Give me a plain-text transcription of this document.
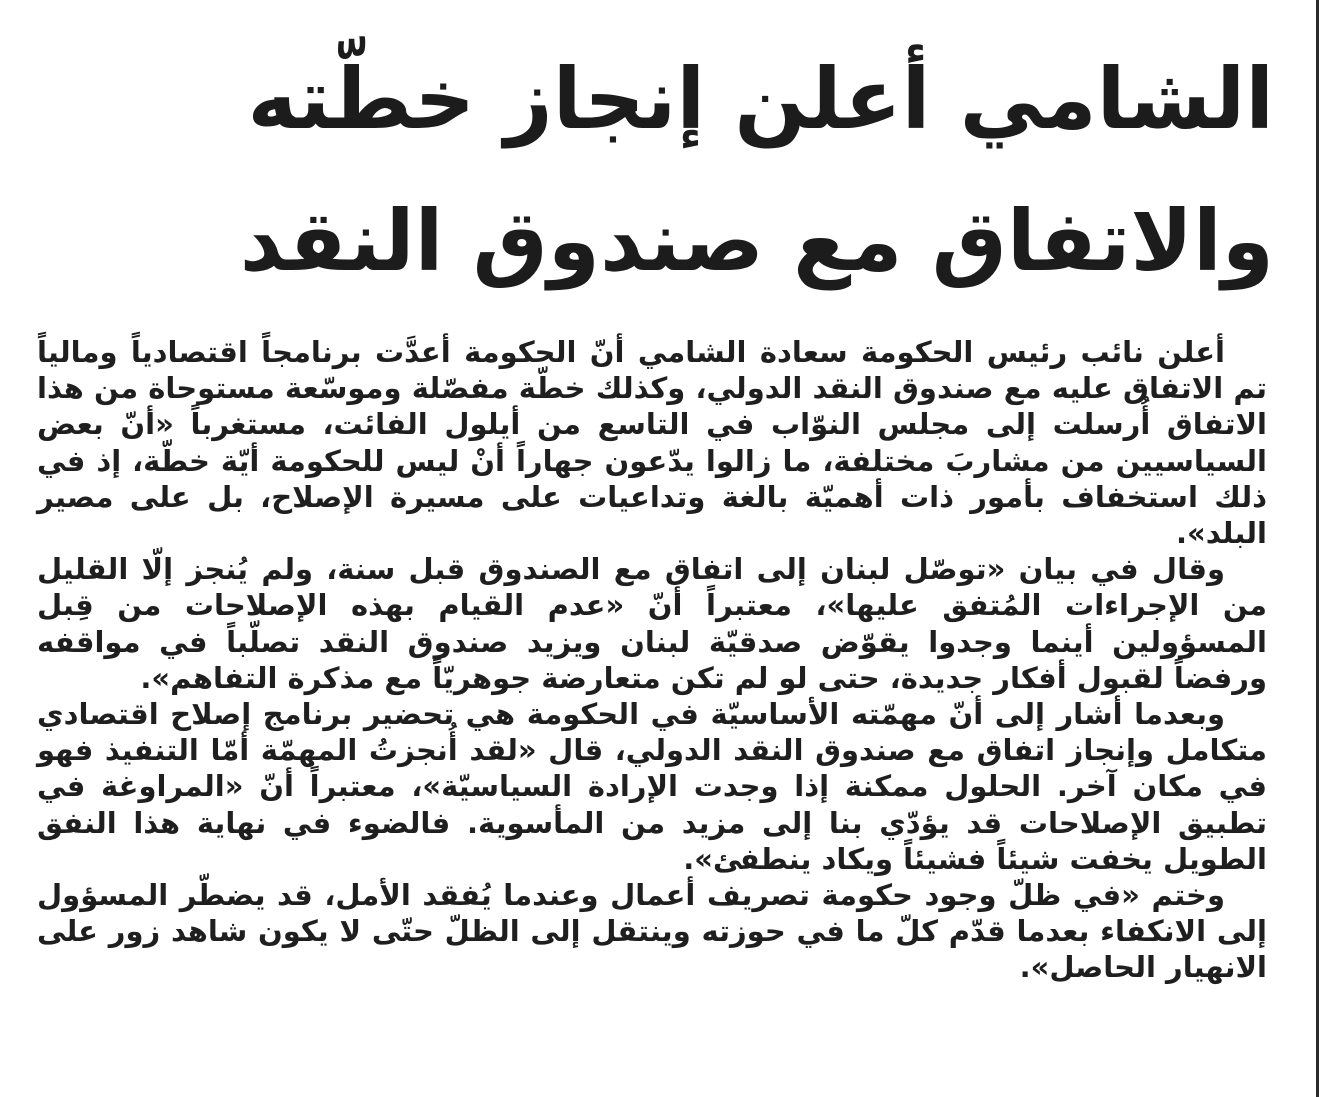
الشامي أعلن إنجاز خطّته
والاتفاق مع صندوق النقد

أعلن نائب رئيس الحكومة سعادة الشامي أنّ الحكومة أعدَّت برنامجاً اقتصادياً ومالياً تم الاتفاق عليه مع صندوق النقد الدولي، وكذلك خطّة مفصّلة وموسّعة مستوحاة من هذا الاتفاق أُرسلت إلى مجلس النوّاب في التاسع من أيلول الفائت، مستغرباً «أنّ بعض السياسيين من مشاربَ مختلفة، ما زالوا يدّعون جهاراً أنْ ليس للحكومة أيّة خطّة، إذ في ذلك استخفاف بأمور ذات أهميّة بالغة وتداعيات على مسيرة الإصلاح، بل على مصير البلد».

وقال في بيان «توصّل لبنان إلى اتفاق مع الصندوق قبل سنة، ولم يُنجز إلّا القليل من الإجراءات المُتفق عليها»، معتبراً أنّ «عدم القيام بهذه الإصلاحات من قِبل المسؤولين أينما وجدوا يقوّض صدقيّة لبنان ويزيد صندوق النقد تصلّباً في مواقفه ورفضاً لقبول أفكار جديدة، حتى لو لم تكن متعارضة جوهريّاً مع مذكرة التفاهم».

وبعدما أشار إلى أنّ مهمّته الأساسيّة في الحكومة هي تحضير برنامج إصلاح اقتصادي متكامل وإنجاز اتفاق مع صندوق النقد الدولي، قال «لقد أُنجزتُ المهمّة أمّا التنفيذ فهو في مكان آخر. الحلول ممكنة إذا وجدت الإرادة السياسيّة»، معتبراً أنّ «المراوغة في تطبيق الإصلاحات قد يؤدّي بنا إلى مزيد من المأسوية. فالضوء في نهاية هذا النفق الطويل يخفت شيئاً فشيئاً ويكاد ينطفئ».

وختم «في ظلّ وجود حكومة تصريف أعمال وعندما يُفقد الأمل، قد يضطّر المسؤول إلى الانكفاء بعدما قدّم كلّ ما في حوزته وينتقل إلى الظلّ حتّى لا يكون شاهد زور على الانهيار الحاصل».
